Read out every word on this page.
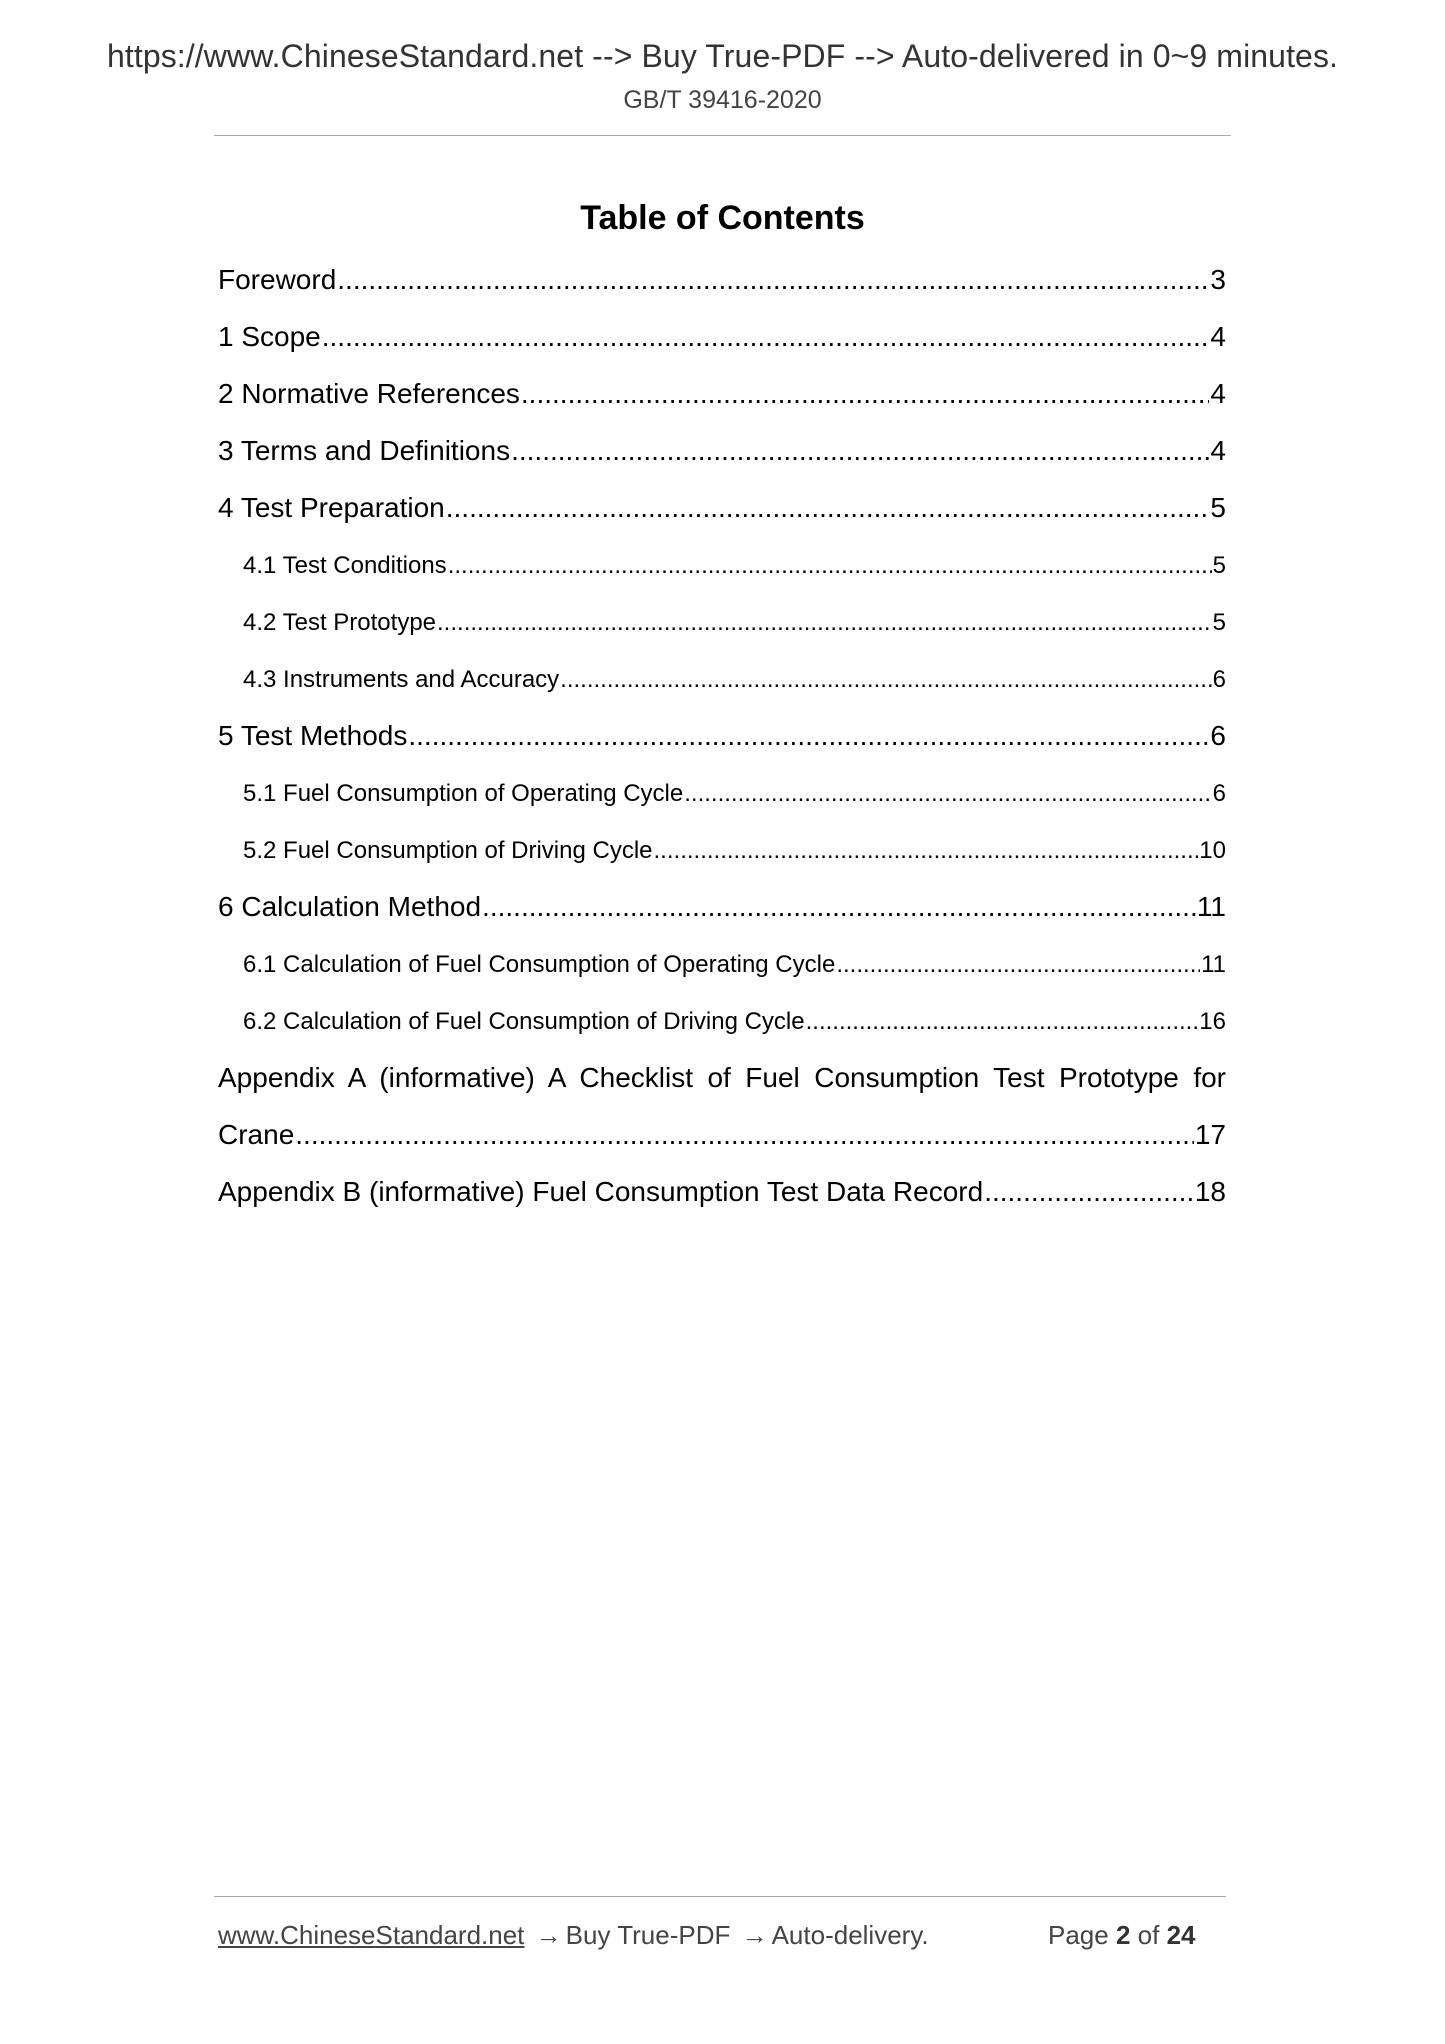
https://www.ChineseStandard.net --> Buy True-PDF --> Auto-delivered in 0~9 minutes.
GB/T 39416-2020
Table of Contents
Foreword .....	3
1 Scope .....	4
2 Normative References .....	4
3 Terms and Definitions .....	4
4 Test Preparation .....	5
4.1 Test Conditions .....	5
4.2 Test Prototype .....	5
4.3 Instruments and Accuracy .....	6
5 Test Methods .....	6
5.1 Fuel Consumption of Operating Cycle .....	6
5.2 Fuel Consumption of Driving Cycle .....	10
6 Calculation Method .....	11
6.1 Calculation of Fuel Consumption of Operating Cycle .....	11
6.2 Calculation of Fuel Consumption of Driving Cycle .....	16
Appendix A (informative) A Checklist of Fuel Consumption Test Prototype for
Crane .....	17
Appendix B (informative) Fuel Consumption Test Data Record .....	18
www.ChineseStandard.net → Buy True-PDF → Auto-delivery.	Page 2 of 24
